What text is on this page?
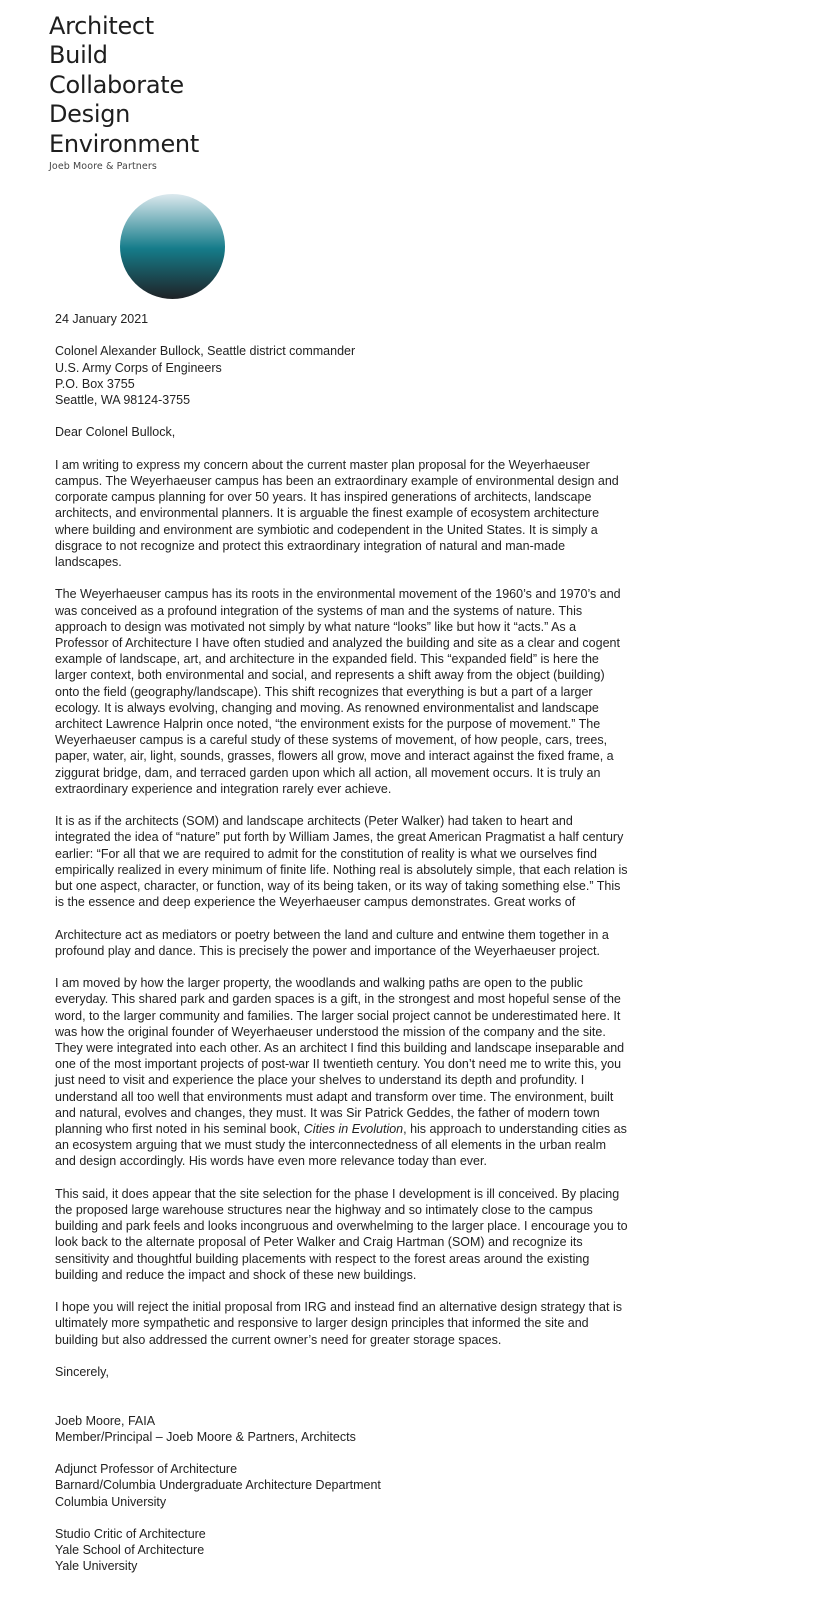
Architect
Build
Collaborate
Design
Environment
Joeb Moore & Partners

24 January 2021

Colonel Alexander Bullock, Seattle district commander

U.S. Army Corps of Engineers

P.O. Box 3755

Seattle, WA 98124-3755

Dear Colonel Bullock,

I am writing to express my concern about the current master plan proposal for the Weyerhaeuser

campus. The Weyerhaeuser campus has been an extraordinary example of environmental design and

corporate campus planning for over 50 years. It has inspired generations of architects, landscape

architects, and environmental planners. It is arguable the finest example of ecosystem architecture

where building and environment are symbiotic and codependent in the United States. It is simply a

disgrace to not recognize and protect this extraordinary integration of natural and man-made

landscapes.

The Weyerhaeuser campus has its roots in the environmental movement of the 1960’s and 1970’s and

was conceived as a profound integration of the systems of man and the systems of nature. This

approach to design was motivated not simply by what nature “looks” like but how it “acts.” As a

Professor of Architecture I have often studied and analyzed the building and site as a clear and cogent

example of landscape, art, and architecture in the expanded field. This “expanded field” is here the

larger context, both environmental and social, and represents a shift away from the object (building)

onto the field (geography/landscape). This shift recognizes that everything is but a part of a larger

ecology. It is always evolving, changing and moving. As renowned environmentalist and landscape

architect Lawrence Halprin once noted, “the environment exists for the purpose of movement.” The

Weyerhaeuser campus is a careful study of these systems of movement, of how people, cars, trees,

paper, water, air, light, sounds, grasses, flowers all grow, move and interact against the fixed frame, a

ziggurat bridge, dam, and terraced garden upon which all action, all movement occurs. It is truly an

extraordinary experience and integration rarely ever achieve.

It is as if the architects (SOM) and landscape architects (Peter Walker) had taken to heart and

integrated the idea of “nature” put forth by William James, the great American Pragmatist a half century

earlier: “For all that we are required to admit for the constitution of reality is what we ourselves find

empirically realized in every minimum of finite life. Nothing real is absolutely simple, that each relation is

but one aspect, character, or function, way of its being taken, or its way of taking something else.” This

is the essence and deep experience the Weyerhaeuser campus demonstrates. Great works of

Architecture act as mediators or poetry between the land and culture and entwine them together in a

profound play and dance. This is precisely the power and importance of the Weyerhaeuser project.

I am moved by how the larger property, the woodlands and walking paths are open to the public

everyday. This shared park and garden spaces is a gift, in the strongest and most hopeful sense of the

word, to the larger community and families. The larger social project cannot be underestimated here. It

was how the original founder of Weyerhaeuser understood the mission of the company and the site.

They were integrated into each other. As an architect I find this building and landscape inseparable and

one of the most important projects of post-war II twentieth century. You don’t need me to write this, you

just need to visit and experience the place your shelves to understand its depth and profundity. I

understand all too well that environments must adapt and transform over time. The environment, built

and natural, evolves and changes, they must. It was Sir Patrick Geddes, the father of modern town

planning who first noted in his seminal book, Cities in Evolution, his approach to understanding cities as

an ecosystem arguing that we must study the interconnectedness of all elements in the urban realm

and design accordingly. His words have even more relevance today than ever.

This said, it does appear that the site selection for the phase I development is ill conceived. By placing

the proposed large warehouse structures near the highway and so intimately close to the campus

building and park feels and looks incongruous and overwhelming to the larger place. I encourage you to

look back to the alternate proposal of Peter Walker and Craig Hartman (SOM) and recognize its

sensitivity and thoughtful building placements with respect to the forest areas around the existing

building and reduce the impact and shock of these new buildings.

I hope you will reject the initial proposal from IRG and instead find an alternative design strategy that is

ultimately more sympathetic and responsive to larger design principles that informed the site and

building but also addressed the current owner’s need for greater storage spaces.

Sincerely,

Joeb Moore, FAIA

Member/Principal – Joeb Moore & Partners, Architects

Adjunct Professor of Architecture

Barnard/Columbia Undergraduate Architecture Department

Columbia University

Studio Critic of Architecture

Yale School of Architecture

Yale University
